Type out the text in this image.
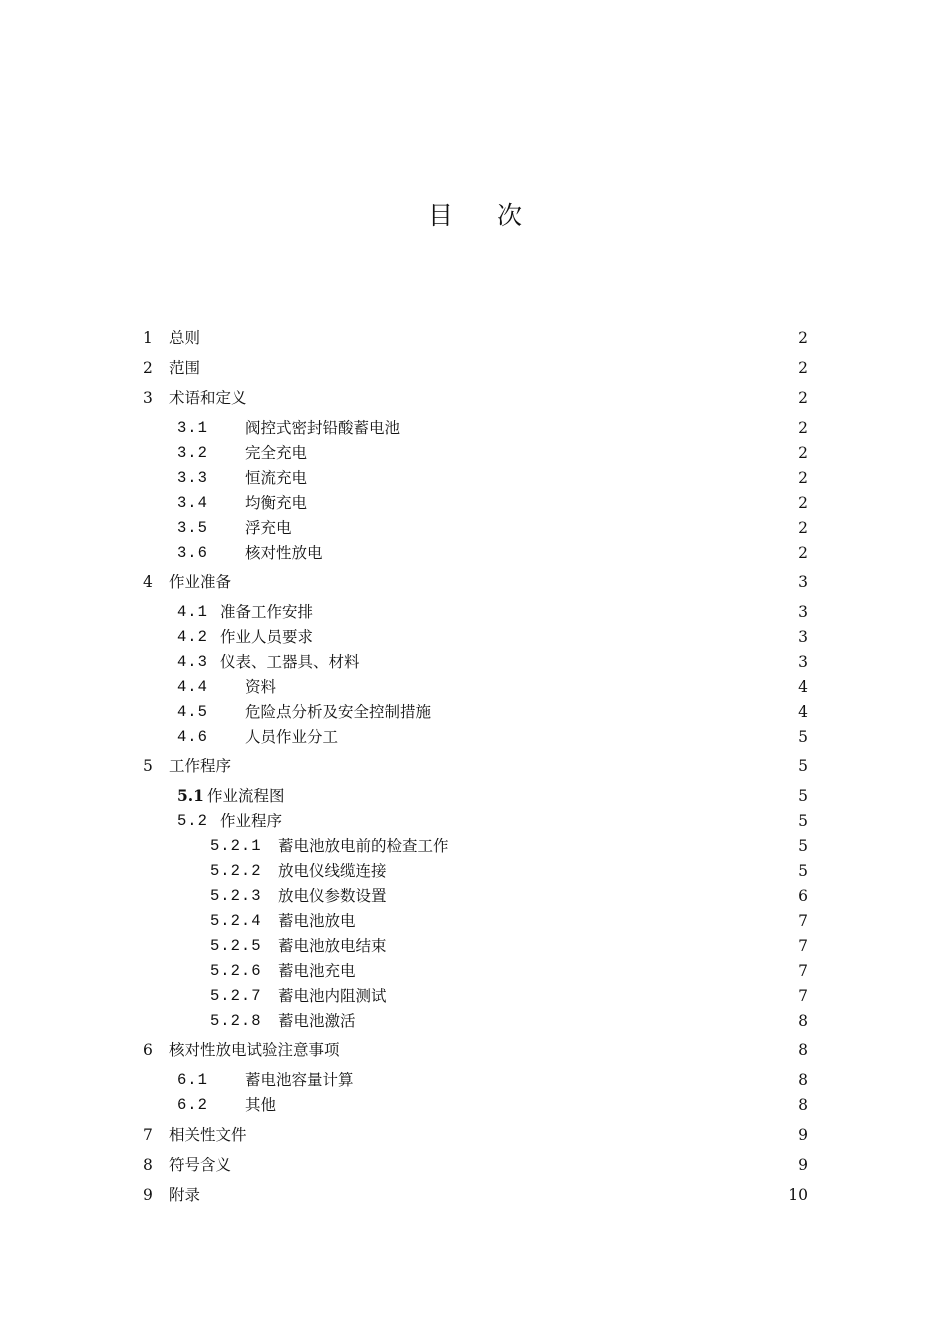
目 次
1 总则	2
2 范围	2
3 术语和定义	2
3.1 阀控式密封铅酸蓄电池	2
3.2 完全充电	2
3.3 恒流充电	2
3.4 均衡充电	2
3.5 浮充电	2
3.6 核对性放电	2
4 作业准备	3
4.1 准备工作安排	3
4.2 作业人员要求	3
4.3 仪表、工器具、材料	3
4.4 资料	4
4.5 危险点分析及安全控制措施	4
4.6 人员作业分工	5
5 工作程序	5
5.1 作业流程图	5
5.2 作业程序	5
5.2.1 蓄电池放电前的检查工作	5
5.2.2 放电仪线缆连接	5
5.2.3 放电仪参数设置	6
5.2.4 蓄电池放电	7
5.2.5 蓄电池放电结束	7
5.2.6 蓄电池充电	7
5.2.7 蓄电池内阻测试	7
5.2.8 蓄电池激活	8
6 核对性放电试验注意事项	8
6.1 蓄电池容量计算	8
6.2 其他	8
7 相关性文件	9
8 符号含义	9
9 附录	10
